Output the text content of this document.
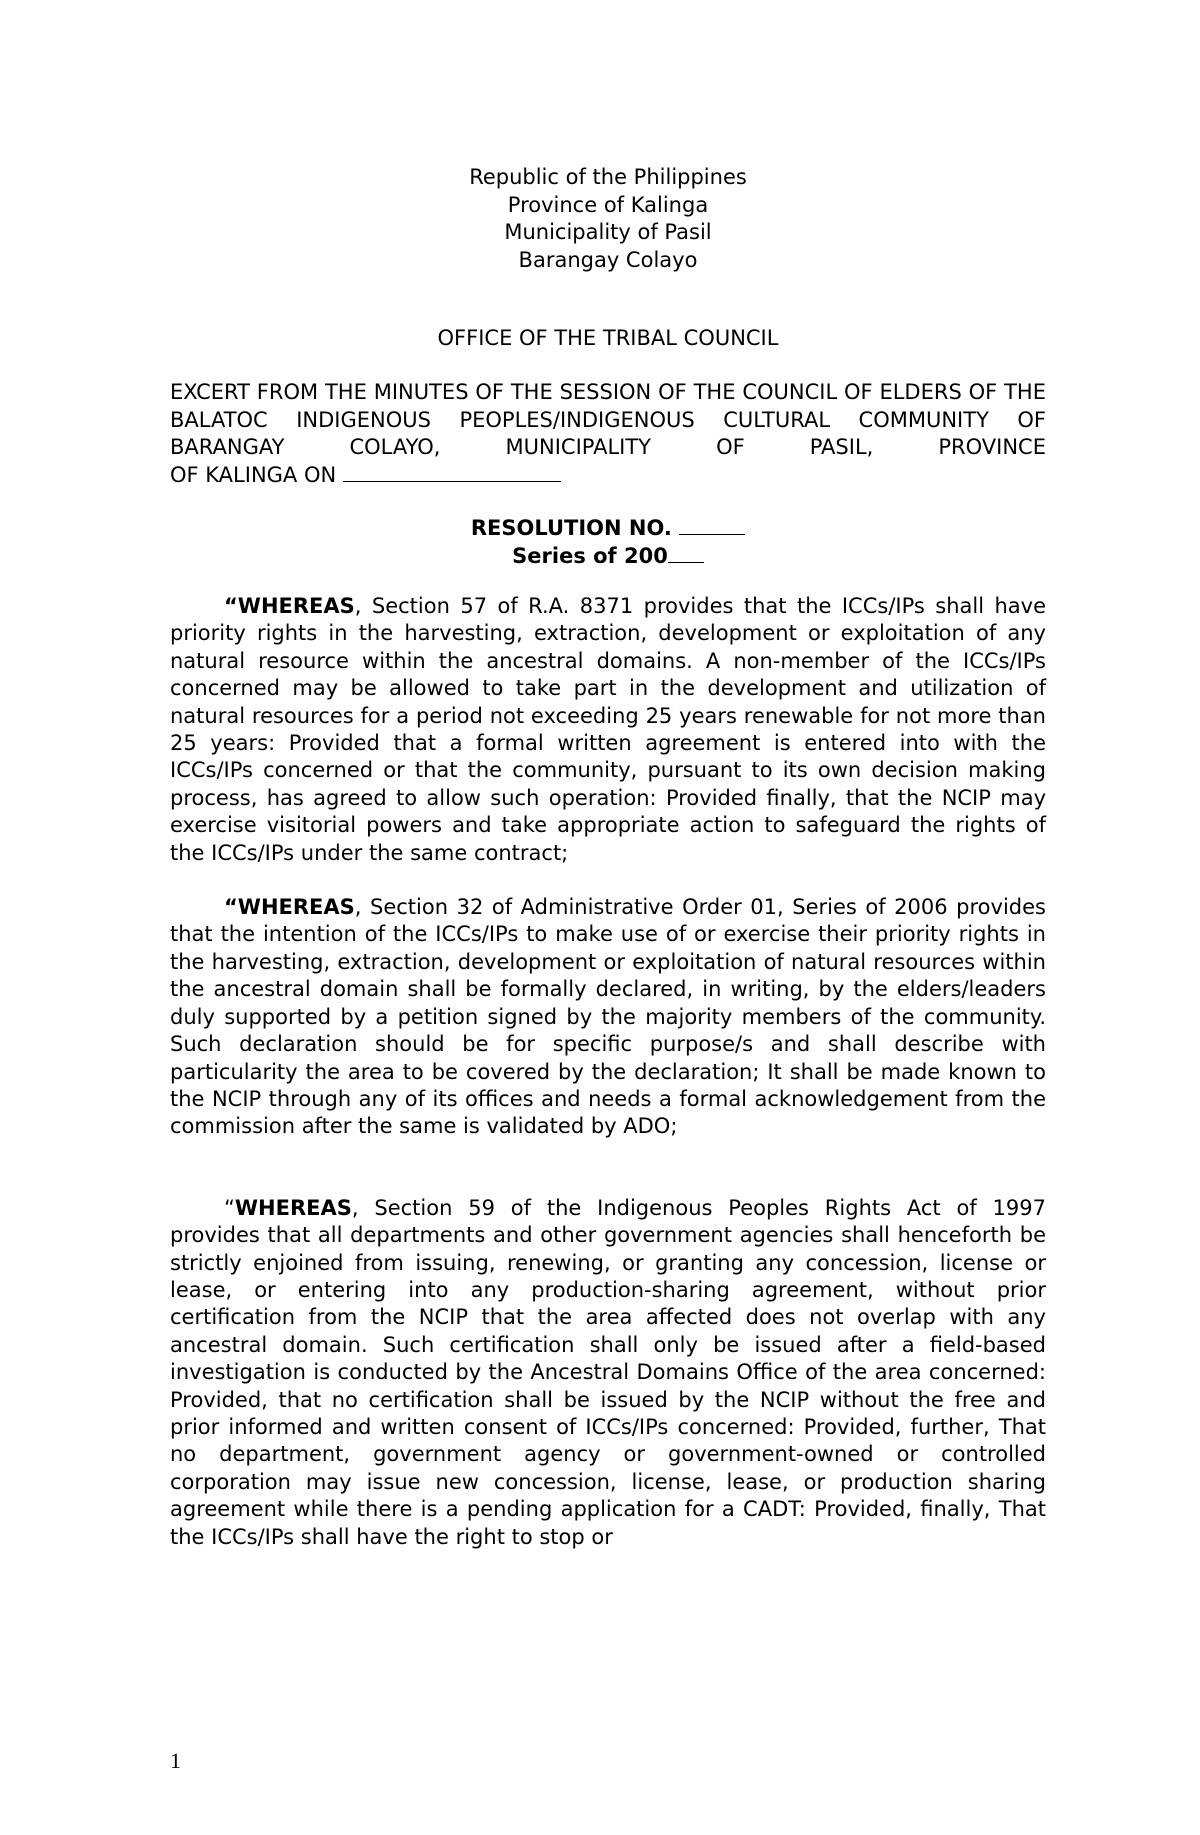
Republic of the Philippines
Province of Kalinga
Municipality of Pasil
Barangay Colayo
OFFICE OF THE TRIBAL COUNCIL
EXCERT FROM THE MINUTES OF THE SESSION OF THE COUNCIL OF ELDERS OF THE BALATOC INDIGENOUS PEOPLES/INDIGENOUS CULTURAL COMMUNITY OF BARANGAY COLAYO, MUNICIPALITY OF PASIL, PROVINCE
OF KALINGA ON
RESOLUTION NO.
Series of 200
“WHEREAS, Section 57 of R.A. 8371 provides that the ICCs/IPs shall have priority rights in the harvesting, extraction, development or exploitation of any natural resource within the ancestral domains. A non-member of the ICCs/IPs concerned may be allowed to take part in the development and utilization of natural resources for a period not exceeding 25 years renewable for not more than 25 years: Provided that a formal written agreement is entered into with the ICCs/IPs concerned or that the community, pursuant to its own decision making process, has agreed to allow such operation: Provided finally, that the NCIP may exercise visitorial powers and take appropriate action to safeguard the rights of the ICCs/IPs under the same contract;
“WHEREAS, Section 32 of Administrative Order 01, Series of 2006 provides that the intention of the ICCs/IPs to make use of or exercise their priority rights in the harvesting, extraction, development or exploitation of natural resources within the ancestral domain shall be formally declared, in writing, by the elders/leaders duly supported by a petition signed by the majority members of the community. Such declaration should be for specific purpose/s and shall describe with particularity the area to be covered by the declaration; It shall be made known to the NCIP through any of its offices and needs a formal acknowledgement from the commission after the same is validated by ADO;
“WHEREAS, Section 59 of the Indigenous Peoples Rights Act of 1997 provides that all departments and other government agencies shall henceforth be strictly enjoined from issuing, renewing, or granting any concession, license or lease, or entering into any production-sharing agreement, without prior certification from the NCIP that the area affected does not overlap with any ancestral domain. Such certification shall only be issued after a field-based investigation is conducted by the Ancestral Domains Office of the area concerned: Provided, that no certification shall be issued by the NCIP without the free and prior informed and written consent of ICCs/IPs concerned: Provided, further, That no department, government agency or government-owned or controlled corporation may issue new concession, license, lease, or production sharing agreement while there is a pending application for a CADT: Provided, finally, That the ICCs/IPs shall have the right to stop or
1
